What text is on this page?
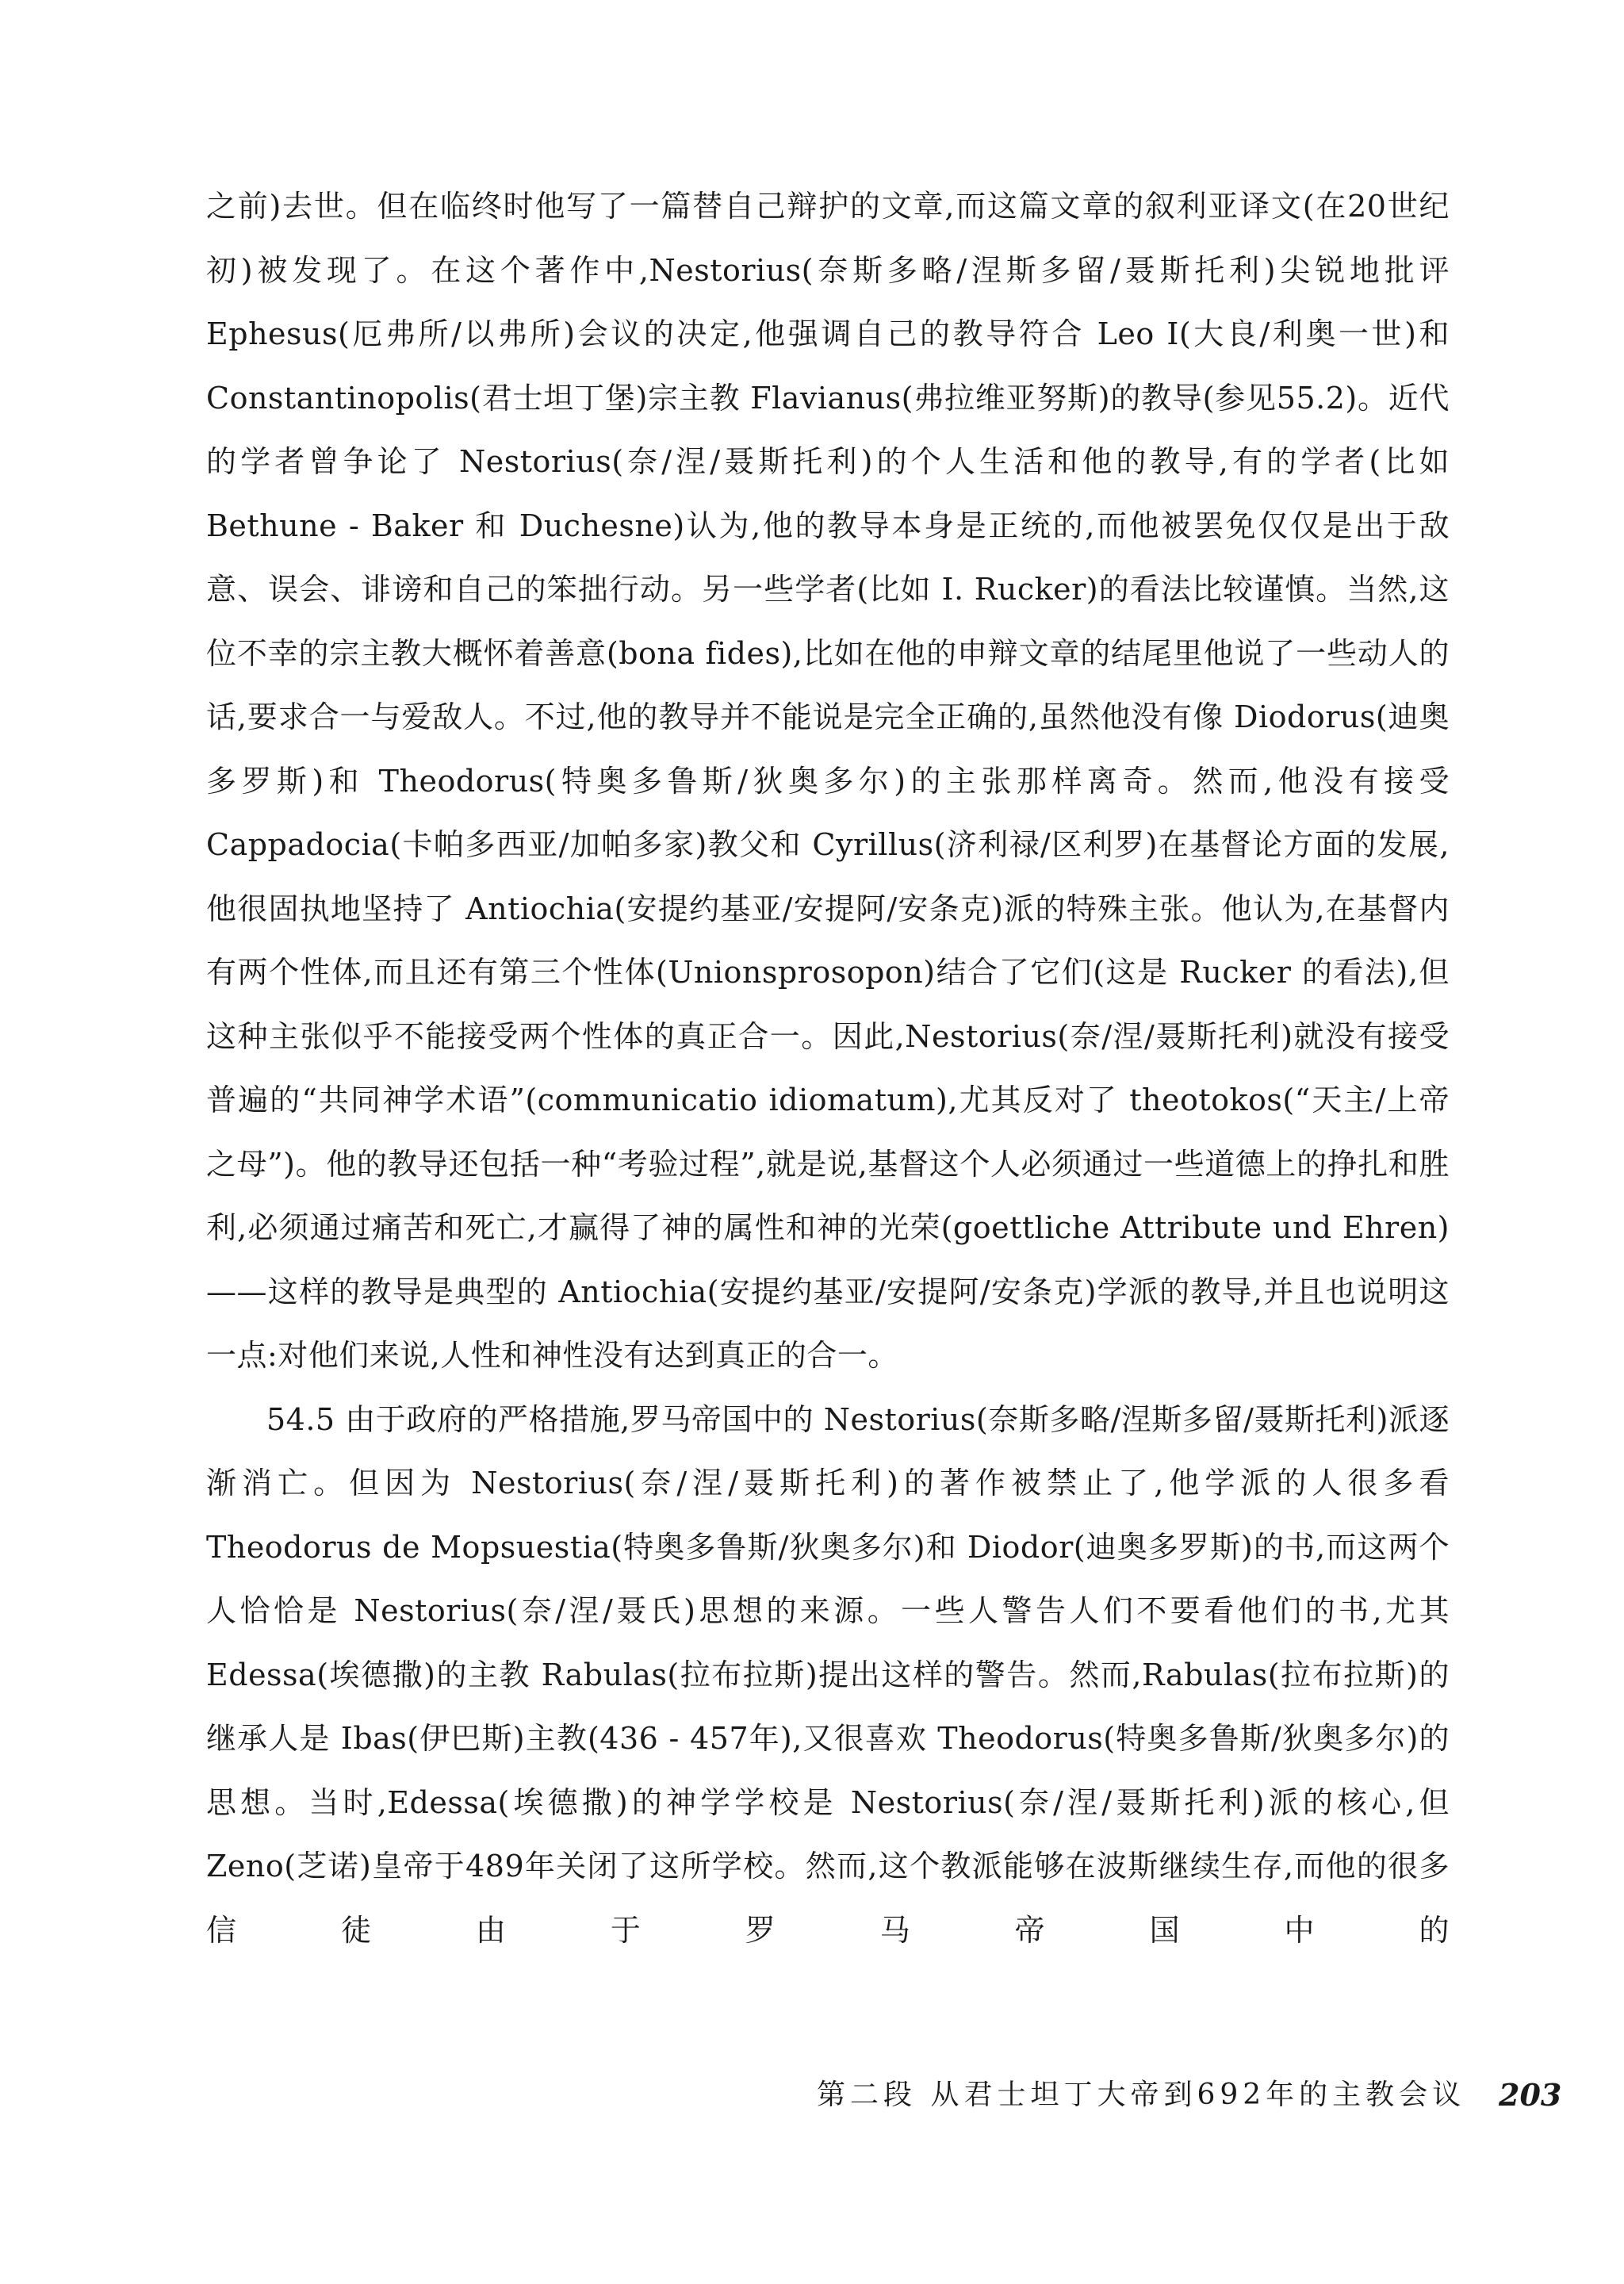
之前)去世。但在临终时他写了一篇替自己辩护的文章,而这篇文章的叙利亚译文(在20世纪初)被发现了。在这个著作中,Nestorius(奈斯多略/涅斯多留/聂斯托利)尖锐地批评 Ephesus(厄弗所/以弗所)会议的决定,他强调自己的教导符合 Leo I(大良/利奥一世)和 Constantinopolis(君士坦丁堡)宗主教 Flavianus(弗拉维亚努斯)的教导(参见55.2)。近代的学者曾争论了 Nestorius(奈/涅/聂斯托利)的个人生活和他的教导,有的学者(比如 Bethune - Baker 和 Duchesne)认为,他的教导本身是正统的,而他被罢免仅仅是出于敌意、误会、诽谤和自己的笨拙行动。另一些学者(比如 I. Rucker)的看法比较谨慎。当然,这位不幸的宗主教大概怀着善意(bona fides),比如在他的申辩文章的结尾里他说了一些动人的话,要求合一与爱敌人。不过,他的教导并不能说是完全正确的,虽然他没有像 Diodorus(迪奥多罗斯)和 Theodorus(特奥多鲁斯/狄奥多尔)的主张那样离奇。然而,他没有接受 Cappadocia(卡帕多西亚/加帕多家)教父和 Cyrillus(济利禄/区利罗)在基督论方面的发展,他很固执地坚持了 Antiochia(安提约基亚/安提阿/安条克)派的特殊主张。他认为,在基督内有两个性体,而且还有第三个性体(Unionsprosopon)结合了它们(这是 Rucker 的看法),但这种主张似乎不能接受两个性体的真正合一。因此,Nestorius(奈/涅/聂斯托利)就没有接受普遍的“共同神学术语”(communicatio idiomatum),尤其反对了 theotokos(“天主/上帝之母”)。他的教导还包括一种“考验过程”,就是说,基督这个人必须通过一些道德上的挣扎和胜利,必须通过痛苦和死亡,才赢得了神的属性和神的光荣(goettliche Attribute und Ehren)——这样的教导是典型的 Antiochia(安提约基亚/安提阿/安条克)学派的教导,并且也说明这一点:对他们来说,人性和神性没有达到真正的合一。

54.5 由于政府的严格措施,罗马帝国中的 Nestorius(奈斯多略/涅斯多留/聂斯托利)派逐渐消亡。但因为 Nestorius(奈/涅/聂斯托利)的著作被禁止了,他学派的人很多看 Theodorus de Mopsuestia(特奥多鲁斯/狄奥多尔)和 Diodor(迪奥多罗斯)的书,而这两个人恰恰是 Nestorius(奈/涅/聂氏)思想的来源。一些人警告人们不要看他们的书,尤其 Edessa(埃德撒)的主教 Rabulas(拉布拉斯)提出这样的警告。然而,Rabulas(拉布拉斯)的继承人是 Ibas(伊巴斯)主教(436 - 457年),又很喜欢 Theodorus(特奥多鲁斯/狄奥多尔)的思想。当时,Edessa(埃德撒)的神学学校是 Nestorius(奈/涅/聂斯托利)派的核心,但 Zeno(芝诺)皇帝于489年关闭了这所学校。然而,这个教派能够在波斯继续生存,而他的很多信徒由于罗马帝国中的

第二段 从君士坦丁大帝到692年的主教会议 203
